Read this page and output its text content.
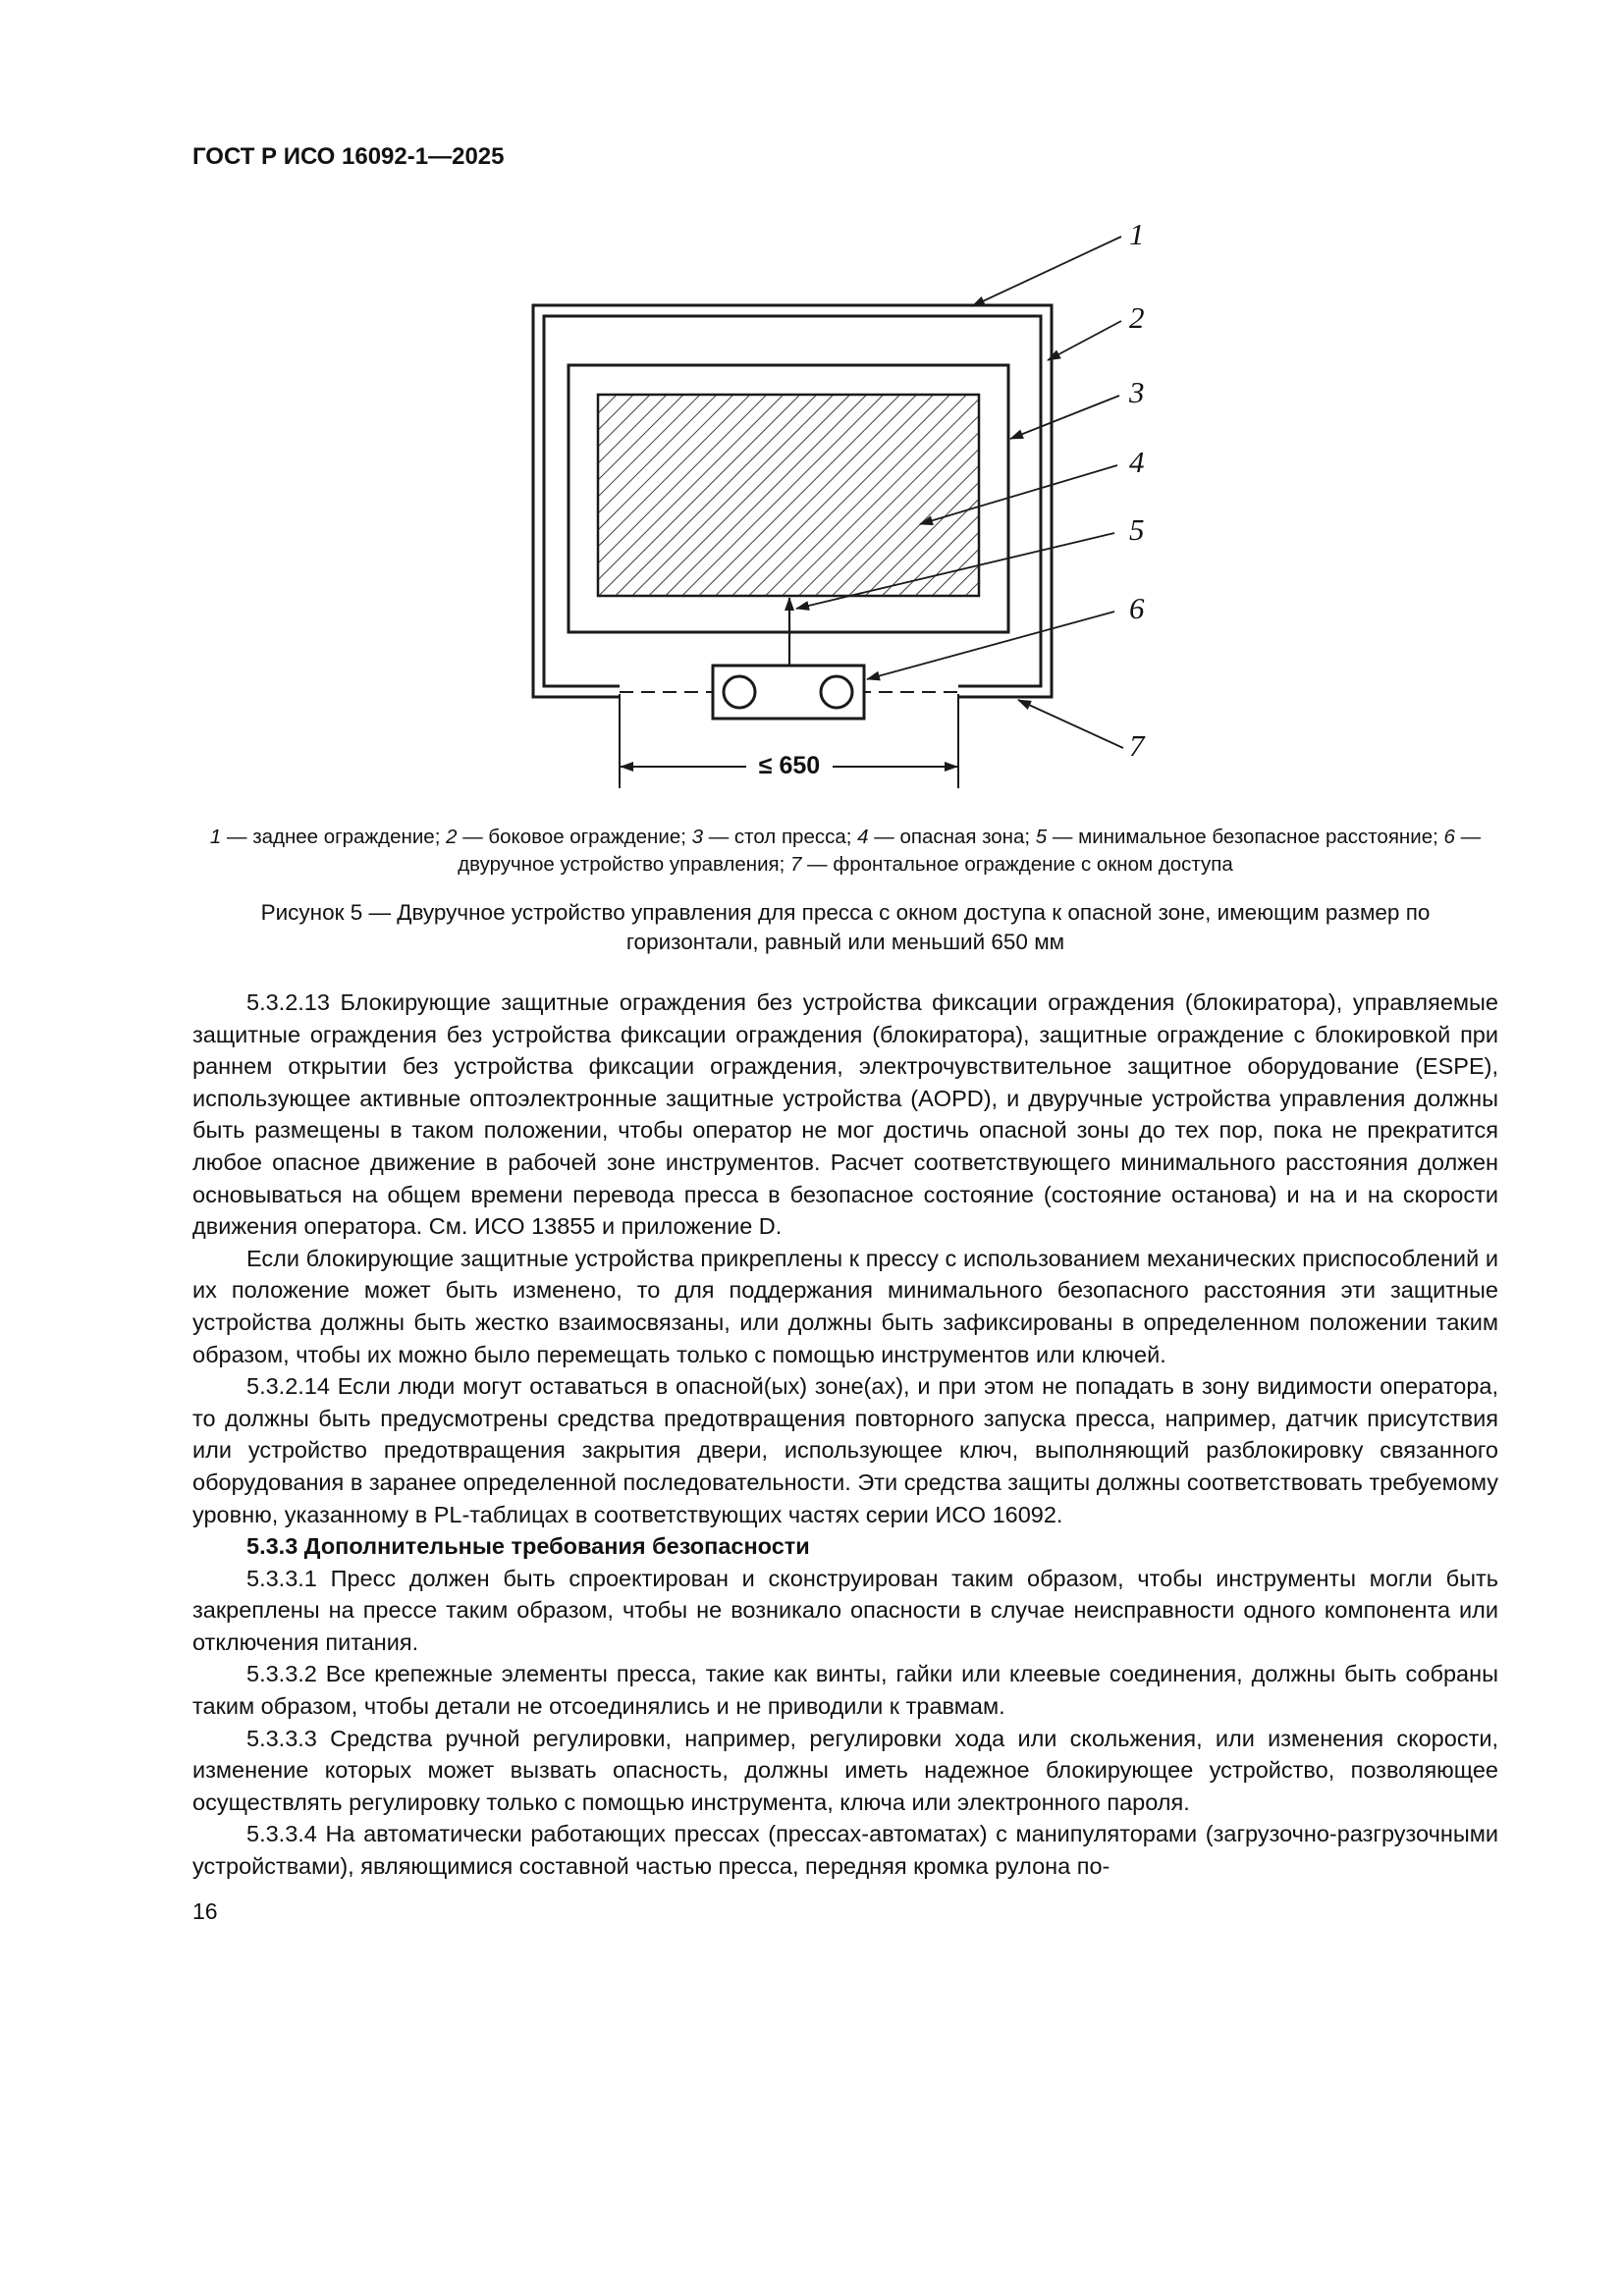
ГОСТ Р ИСО 16092-1—2025
≤ 650
1
2
3
4
5
6
7
1 — заднее ограждение; 2 — боковое ограждение; 3 — стол пресса; 4 — опасная зона; 5 — минимальное безопасное расстояние; 6 — двуручное устройство управления; 7 — фронтальное ограждение с окном доступа
Рисунок 5 — Двуручное устройство управления для пресса с окном доступа к опасной зоне, имеющим размер по горизонтали, равный или меньший 650 мм

5.3.2.13 Блокирующие защитные ограждения без устройства фиксации ограждения (блокиратора), управляемые защитные ограждения без устройства фиксации ограждения (блокиратора), защитные ограждение с блокировкой при раннем открытии без устройства фиксации ограждения, электрочувствительное защитное оборудование (ESPE), использующее активные оптоэлектронные защитные устройства (AOPD), и двуручные устройства управления должны быть размещены в таком положении, чтобы оператор не мог достичь опасной зоны до тех пор, пока не прекратится любое опасное движение в рабочей зоне инструментов. Расчет соответствующего минимального расстояния должен основываться на общем времени перевода пресса в безопасное состояние (состояние останова) и на и на скорости движения оператора. См. ИСО 13855 и приложение D.

Если блокирующие защитные устройства прикреплены к прессу с использованием механических приспособлений и их положение может быть изменено, то для поддержания минимального безопасного расстояния эти защитные устройства должны быть жестко взаимосвязаны, или должны быть зафиксированы в определенном положении таким образом, чтобы их можно было перемещать только с помощью инструментов или ключей.

5.3.2.14 Если люди могут оставаться в опасной(ых) зоне(ах), и при этом не попадать в зону видимости оператора, то должны быть предусмотрены средства предотвращения повторного запуска пресса, например, датчик присутствия или устройство предотвращения закрытия двери, использующее ключ, выполняющий разблокировку связанного оборудования в заранее определенной последовательности. Эти средства защиты должны соответствовать требуемому уровню, указанному в PL-таблицах в соответствующих частях серии ИСО 16092.

5.3.3 Дополнительные требования безопасности

5.3.3.1 Пресс должен быть спроектирован и сконструирован таким образом, чтобы инструменты могли быть закреплены на прессе таким образом, чтобы не возникало опасности в случае неисправности одного компонента или отключения питания.

5.3.3.2 Все крепежные элементы пресса, такие как винты, гайки или клеевые соединения, должны быть собраны таким образом, чтобы детали не отсоединялись и не приводили к травмам.

5.3.3.3 Средства ручной регулировки, например, регулировки хода или скольжения, или изменения скорости, изменение которых может вызвать опасность, должны иметь надежное блокирующее устройство, позволяющее осуществлять регулировку только с помощью инструмента, ключа или электронного пароля.

5.3.3.4 На автоматически работающих прессах (прессах-автоматах) с манипуляторами (загрузочно-разгрузочными устройствами), являющимися составной частью пресса, передняя кромка рулона по-

16
